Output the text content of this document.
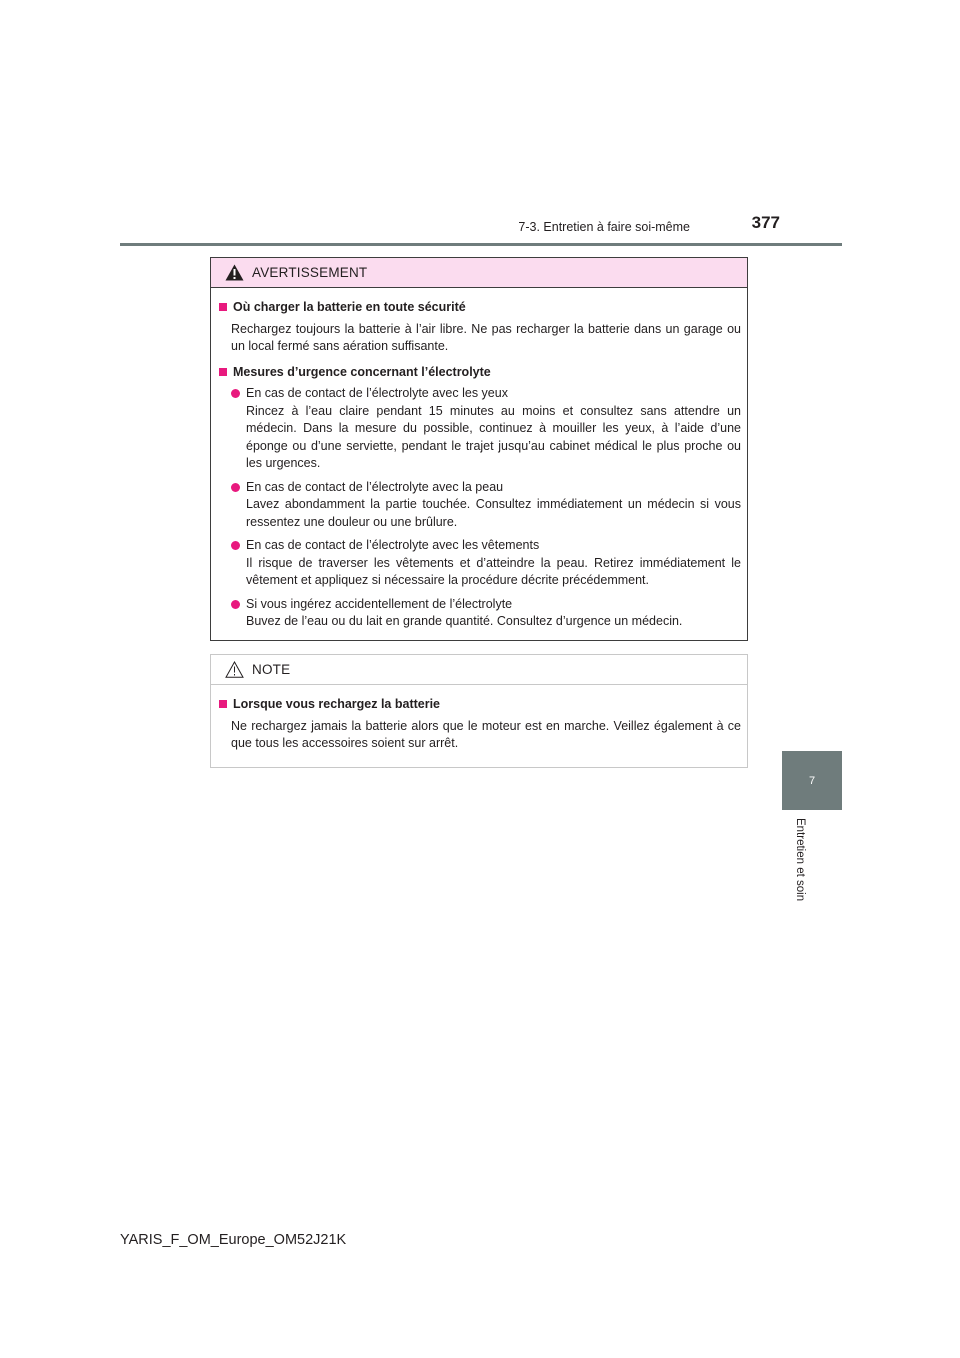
7-3. Entretien à faire soi-même	377
7
Entretien et soin
AVERTISSEMENT
Où charger la batterie en toute sécurité

Rechargez toujours la batterie à l’air libre. Ne pas recharger la batterie dans un garage ou un local fermé sans aération suffisante.

Mesures d’urgence concernant l’électrolyte
En cas de contact de l’électrolyte avec les yeux
Rincez à l’eau claire pendant 15 minutes au moins et consultez sans attendre un médecin. Dans la mesure du possible, continuez à mouiller les yeux, à l’aide d’une éponge ou d’une serviette, pendant le trajet jusqu’au cabinet médical le plus proche ou les urgences.
En cas de contact de l’électrolyte avec la peau
Lavez abondamment la partie touchée. Consultez immédiatement un médecin si vous ressentez une douleur ou une brûlure.
En cas de contact de l’électrolyte avec les vêtements
Il risque de traverser les vêtements et d’atteindre la peau. Retirez immédiatement le vêtement et appliquez si nécessaire la procédure décrite précédemment.
Si vous ingérez accidentellement de l’électrolyte
Buvez de l’eau ou du lait en grande quantité. Consultez d’urgence un médecin.
NOTE
Lorsque vous rechargez la batterie

Ne rechargez jamais la batterie alors que le moteur est en marche. Veillez également à ce que tous les accessoires soient sur arrêt.

YARIS_F_OM_Europe_OM52J21K
